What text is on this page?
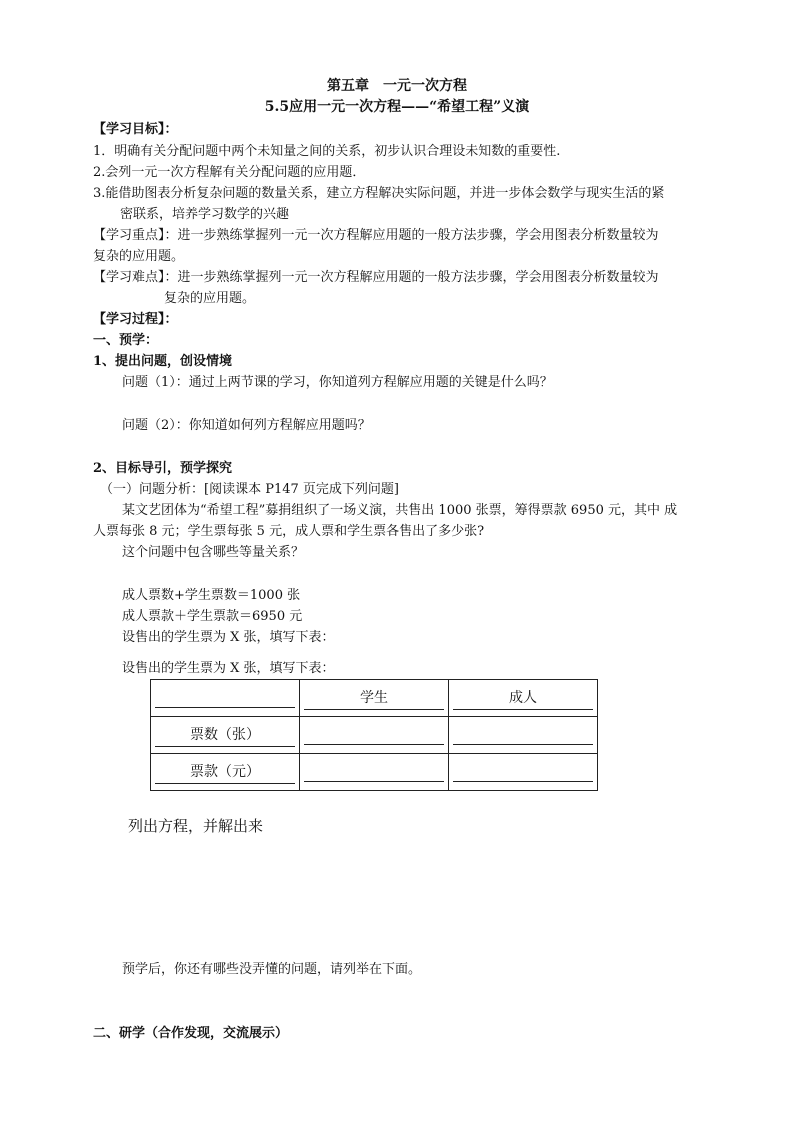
第五章　一元一次方程
5.5应用一元一次方程——“希望工程”义演
【学习目标】：
1．明确有关分配问题中两个未知量之间的关系，初步认识合理设未知数的重要性.
2.会列一元一次方程解有关分配问题的应用题．
3.能借助图表分析复杂问题的数量关系，建立方程解决实际问题，并进一步体会数学与现实生活的紧
密联系，培养学习数学的兴趣
【学习重点】：进一步熟练掌握列一元一次方程解应用题的一般方法步骤，学会用图表分析数量较为
复杂的应用题。
【学习难点】：进一步熟练掌握列一元一次方程解应用题的一般方法步骤，学会用图表分析数量较为
复杂的应用题。
【学习过程】：
一、预学：
1、提出问题，创设情境
问题（1）：通过上两节课的学习，你知道列方程解应用题的关键是什么吗？
问题（2）：你知道如何列方程解应用题吗？
2、目标导引，预学探究
（一）问题分析：[阅读课本 P147 页完成下列问题]
某文艺团体为“希望工程”募捐组织了一场义演，共售出 1000 张票，筹得票款 6950 元，其中 成
人票每张 8 元；学生票每张 5 元，成人票和学生票各售出了多少张?
这个问题中包含哪些等量关系？
成人票数+学生票数＝1000 张
成人票款＋学生票款＝6950 元
设售出的学生票为 X 张，填写下表：
设售出的学生票为 X 张，填写下表：
	学生	成人
票数（张）		
票款（元）		
列出方程，并解出来
预学后，你还有哪些没弄懂的问题，请列举在下面。
二、研学（合作发现，交流展示）
